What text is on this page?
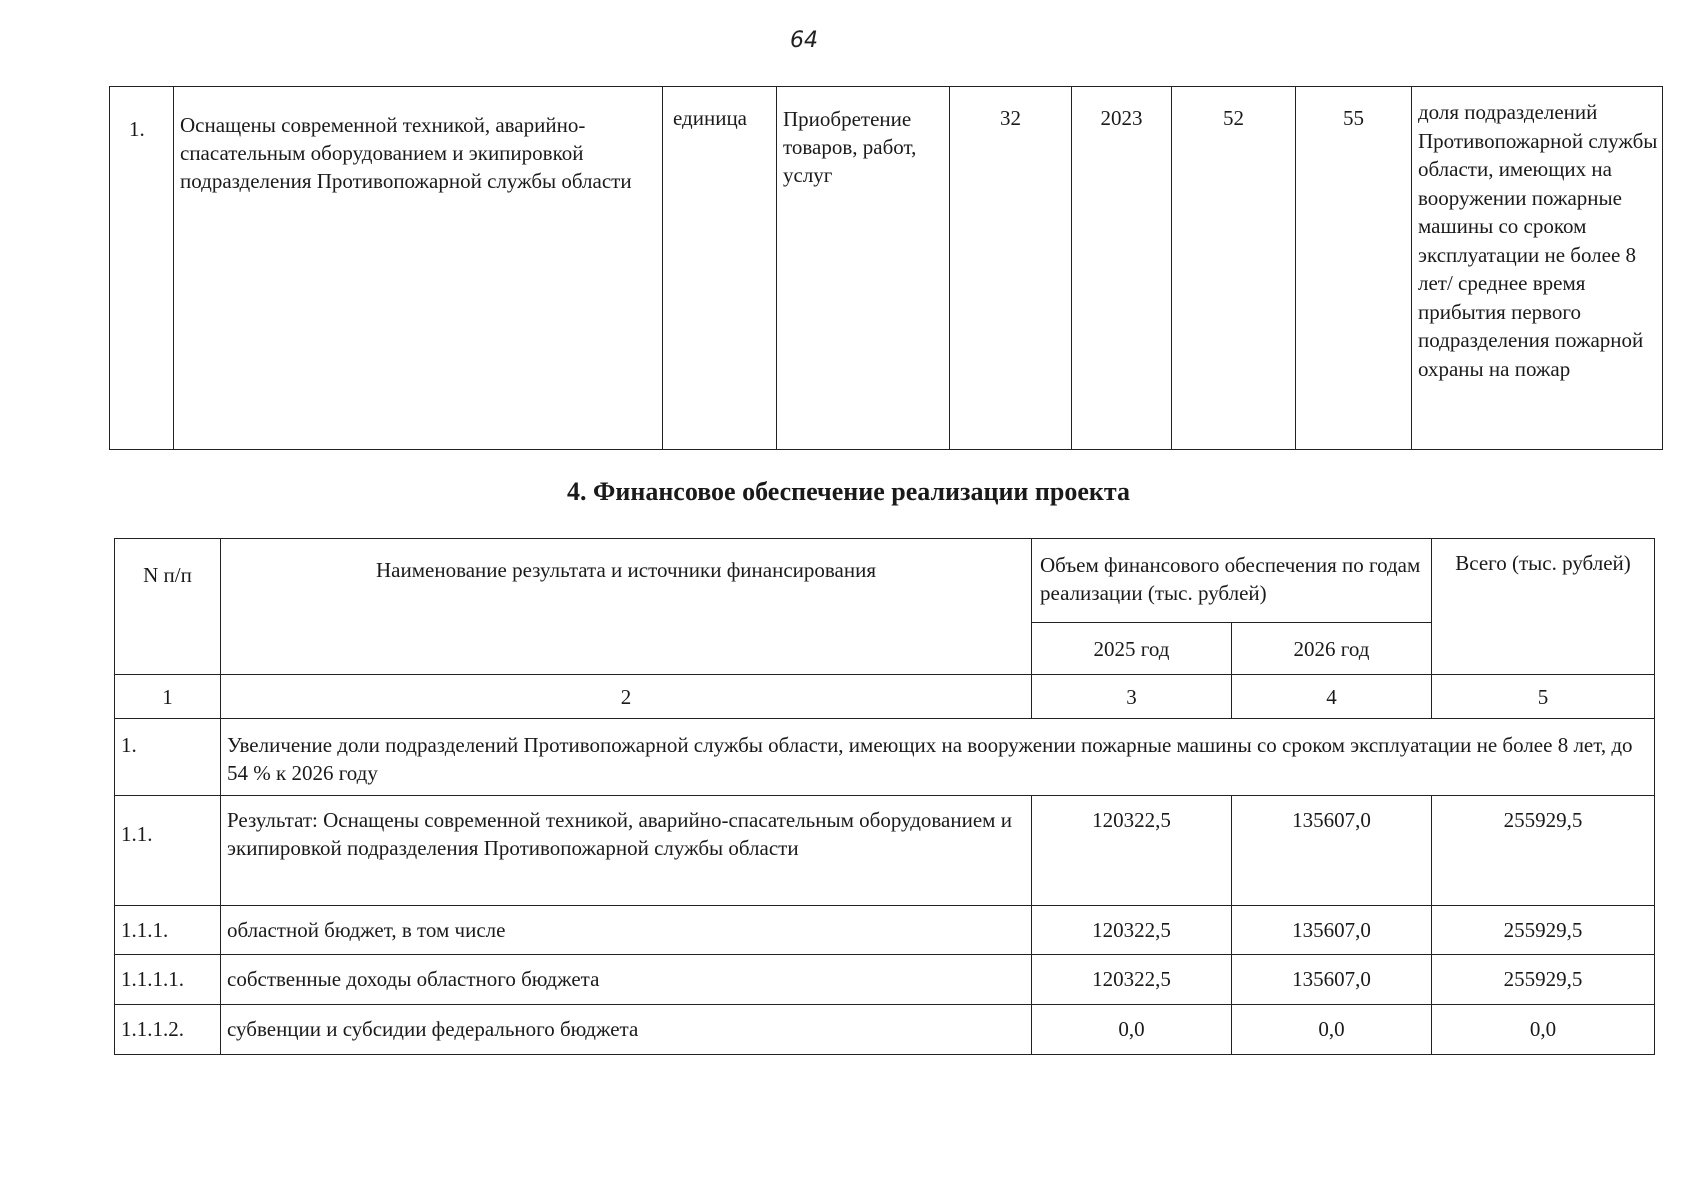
64
1.	Оснащены современной техникой, аварийно-спасательным оборудованием и экипировкой подразделения Противопожарной службы области	единица	Приобретение товаров, работ, услуг	32	2023	52	55	доля подразделений Противопожарной службы области, имеющих на вооружении пожарные машины со сроком эксплуатации не более 8 лет/ среднее время прибытия первого подразделения пожарной охраны на пожар
4. Финансовое обеспечение реализации проекта
N п/п	Наименование результата и источники финансирования	Объем финансового обеспечения по годам реализации (тыс. рублей)		Всего (тыс. рублей)
		2025 год	2026 год	
1	2	3	4	5
1.	Увеличение доли подразделений Противопожарной службы области, имеющих на вооружении пожарные машины со сроком эксплуатации не более 8 лет, до 54 % к 2026 году			
1.1.	Результат: Оснащены современной техникой, аварийно-спасательным оборудованием и экипировкой подразделения Противопожарной службы области	120322,5	135607,0	255929,5
1.1.1.	областной бюджет, в том числе	120322,5	135607,0	255929,5
1.1.1.1.	собственные доходы областного бюджета	120322,5	135607,0	255929,5
1.1.1.2.	субвенции и субсидии федерального бюджета	0,0	0,0	0,0
